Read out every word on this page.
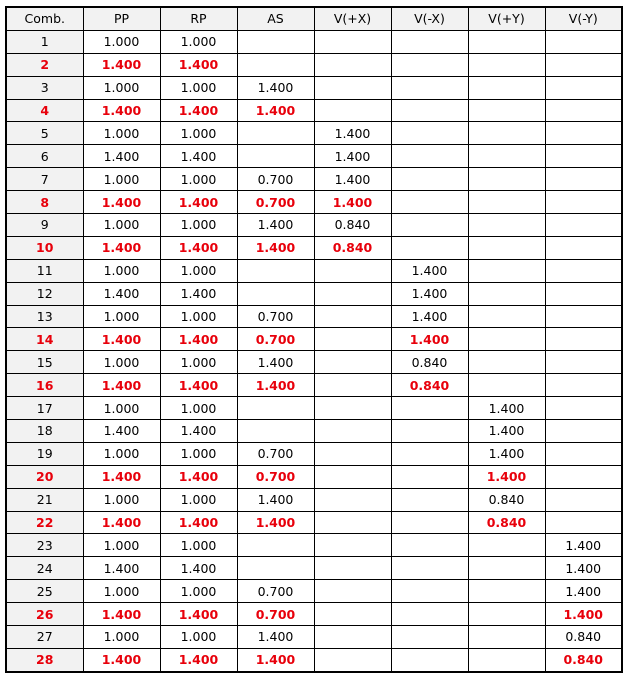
Comb.	PP	RP	AS	V(+X)	V(-X)	V(+Y)	V(-Y)
1	1.000	1.000					
2	1.400	1.400					
3	1.000	1.000	1.400				
4	1.400	1.400	1.400				
5	1.000	1.000		1.400			
6	1.400	1.400		1.400			
7	1.000	1.000	0.700	1.400			
8	1.400	1.400	0.700	1.400			
9	1.000	1.000	1.400	0.840			
10	1.400	1.400	1.400	0.840			
11	1.000	1.000			1.400		
12	1.400	1.400			1.400		
13	1.000	1.000	0.700		1.400		
14	1.400	1.400	0.700		1.400		
15	1.000	1.000	1.400		0.840		
16	1.400	1.400	1.400		0.840		
17	1.000	1.000				1.400	
18	1.400	1.400				1.400	
19	1.000	1.000	0.700			1.400	
20	1.400	1.400	0.700			1.400	
21	1.000	1.000	1.400			0.840	
22	1.400	1.400	1.400			0.840	
23	1.000	1.000					1.400
24	1.400	1.400					1.400
25	1.000	1.000	0.700				1.400
26	1.400	1.400	0.700				1.400
27	1.000	1.000	1.400				0.840
28	1.400	1.400	1.400				0.840
